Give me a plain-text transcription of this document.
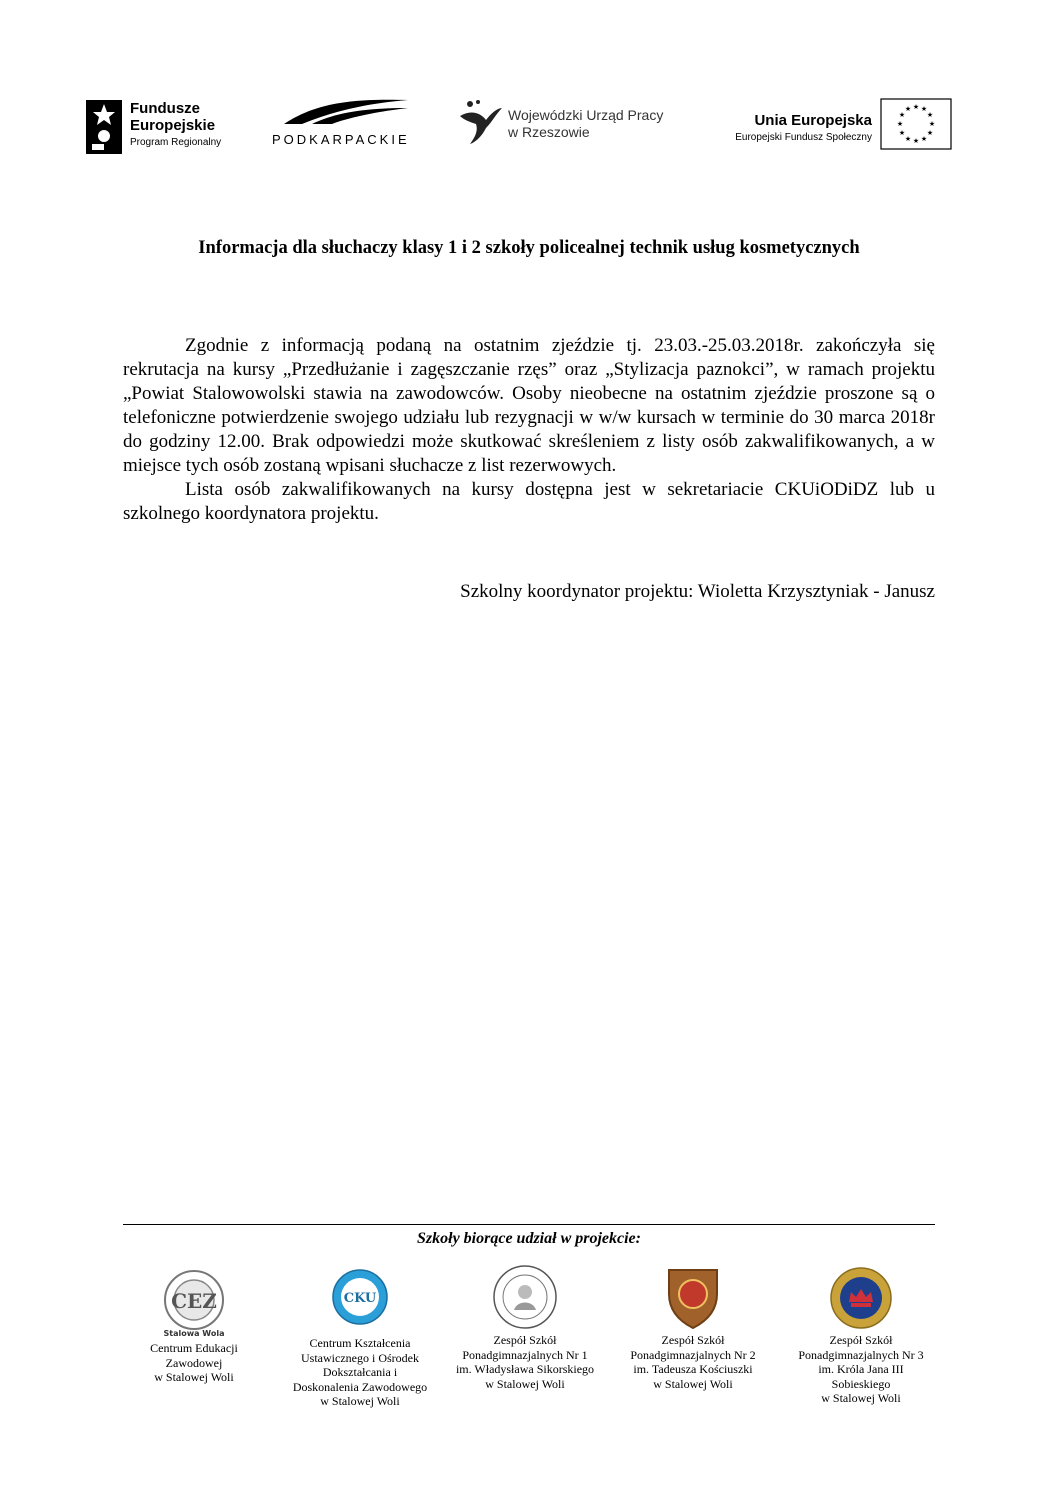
Fundusze
Europejskie
Program Regionalny	PODKARPACKIE
Wojewódzki Urząd Pracy
w Rzeszowie
Unia Europejska
Europejski Fundusz Społeczny
★ ★
★
★
★
★
★
★
★
★
★
★
Informacja dla słuchaczy klasy 1 i 2 szkoły policealnej technik usług kosmetycznych

Zgodnie z informacją podaną na ostatnim zjeździe tj. 23.03.-25.03.2018r. zakończyła się rekrutacja na kursy „Przedłużanie i zagęszczanie rzęs” oraz „Stylizacja paznokci”, w ramach projektu „Powiat Stalowowolski stawia na zawodowców. Osoby nieobecne na ostatnim zjeździe proszone są o telefoniczne potwierdzenie swojego udziału lub rezygnacji w w/w kursach w terminie do 30 marca 2018r do godziny 12.00. Brak odpowiedzi może skutkować skreśleniem z listy osób zakwalifikowanych, a w miejsce tych osób zostaną wpisani słuchacze z list rezerwowych.

Lista osób zakwalifikowanych na kursy dostępna jest w sekretariacie CKUiODiDZ lub u szkolnego koordynatora projektu.

Szkolny koordynator projektu: Wioletta Krzysztyniak - Janusz
Szkoły biorące udział w projekcie:
CEZ
Stalowa Wola
Centrum Edukacji
Zawodowej
w Stalowej Woli
CKU
Centrum Kształcenia
Ustawicznego i Ośrodek
Dokształcania i
Doskonalenia Zawodowego
w Stalowej Woli
Zespół Szkół
Ponadgimnazjalnych Nr 1
im. Władysława Sikorskiego
w Stalowej Woli
Zespół Szkół
Ponadgimnazjalnych Nr 2
im. Tadeusza Kościuszki
w Stalowej Woli
Zespół Szkół
Ponadgimnazjalnych Nr 3
im. Króla Jana III
Sobieskiego
w Stalowej Woli
